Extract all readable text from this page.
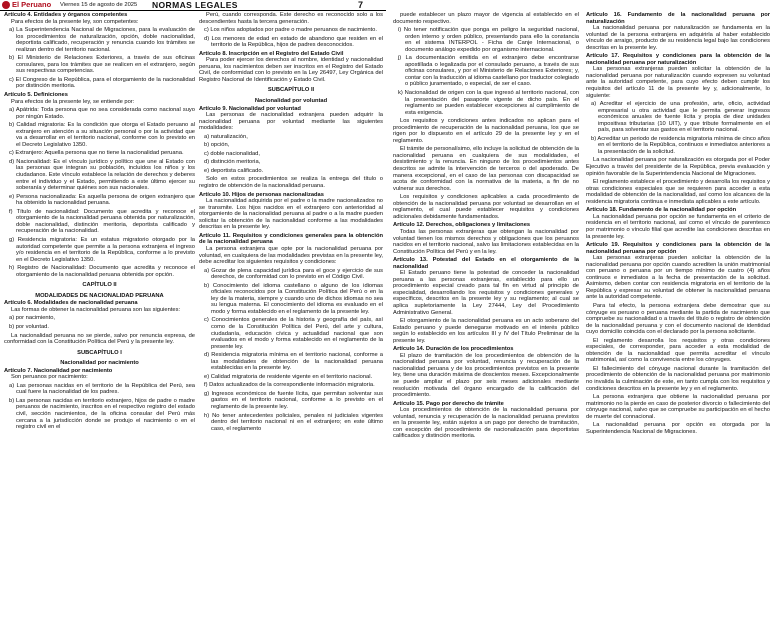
El Peruano Viernes 15 de agosto de 2025 NORMAS LEGALES	7

Artículo 4. Entidades y órganos competentes

Para efectos de la presente ley, son competentes:

a) La Superintendencia Nacional de Migraciones, para la evaluación de los procedimientos de naturalización, opción, doble nacionalidad, deportista calificado, recuperación y renuncia cuando los trámites se realizan dentro del territorio nacional.

b) El Ministerio de Relaciones Exteriores, a través de sus oficinas consulares, para los trámites que se realicen en el extranjero, según sus respectivas competencias.

c) El Congreso de la República, para el otorgamiento de la nacionalidad por distinción meritoria.

Artículo 5. Definiciones

Para efectos de la presente ley, se entiende por:

a) Apátrida: Toda persona que no sea considerada como nacional suyo por ningún Estado.

b) Calidad migratoria: Es la condición que otorga el Estado peruano al extranjero en atención a su situación personal o por la actividad que va a desarrollar en el territorio nacional, conforme con lo previsto en el Decreto Legislativo 1350.

c) Extranjero: Aquella persona que no tiene la nacionalidad peruana.

d) Nacionalidad: Es el vínculo jurídico y político que une al Estado con las personas que integran su población, incluidos los niños y los ciudadanos. Este vínculo establece la relación de derechos y deberes entre el individuo y el Estado, permitiendo a este último ejercer su soberanía y determinar quiénes son sus nacionales.

e) Persona nacionalizada: Es aquella persona de origen extranjero que ha obtenido la nacionalidad peruana.

f) Título de nacionalidad: Documento que acredita y reconoce el otorgamiento de la nacionalidad peruana obtenida por naturalización, doble nacionalidad, distinción meritoria, deportista calificado y recuperación de la nacionalidad.

g) Residencia migratoria: Es un estatus migratorio otorgado por la autoridad competente que permite a la persona extranjera el ingreso y/o residencia en el territorio de la República, conforme a lo previsto en el Decreto Legislativo 1350.

h) Registro de Nacionalidad: Documento que acredita y reconoce el otorgamiento de la nacionalidad peruana obtenida por opción.

CAPÍTULO II

MODALIDADES DE NACIONALIDAD PERUANA

Artículo 6. Modalidades de nacionalidad peruana

Las formas de obtener la nacionalidad peruana son las siguientes:

a) por nacimiento,

b) por voluntad.

La nacionalidad peruana no se pierde, salvo por renuncia expresa, de conformidad con la Constitución Política del Perú y la presente ley.

SUBCAPÍTULO I

Nacionalidad por nacimiento

Artículo 7. Nacionalidad por nacimiento

Son peruanos por nacimiento:

a) Las personas nacidas en el territorio de la República del Perú, sea cual fuere la nacionalidad de los padres.

b) Las personas nacidas en territorio extranjero, hijos de padre o madre peruanos de nacimiento, inscritos en el respectivo registro del estado civil, sección nacimientos, de la oficina consular del Perú más cercana a la jurisdicción donde se produjo el nacimiento o en el registro civil en el

Perú, cuando corresponda. Este derecho es reconocido solo a los descendientes hasta la tercera generación.

c) Los niños adoptados por padre o madre peruanos de nacimiento.

d) Los menores de edad en estado de abandono que residen en el territorio de la República, hijos de padres desconocidos.

Artículo 8. Inscripción en el Registro del Estado Civil

Para poder ejercer los derechos al nombre, identidad y nacionalidad peruana, los nacimientos deben ser inscritos en el Registro del Estado Civil, de conformidad con lo previsto en la Ley 26497, Ley Orgánica del Registro Nacional de Identificación y Estado Civil.

SUBCAPÍTULO II

Nacionalidad por voluntad

Artículo 9. Nacionalidad por voluntad

Las personas de nacionalidad extranjera pueden adquirir la nacionalidad peruana por voluntad mediante las siguientes modalidades:

a) naturalización,

b) opción,

c) doble nacionalidad,

d) distinción meritoria,

e) deportista calificado.

Solo en estos procedimientos se realiza la entrega del título o registro de obtención de la nacionalidad peruana.

Artículo 10. Hijos de personas nacionalizadas

La nacionalidad adquirida por el padre o la madre nacionalizados no se transmite. Los hijos nacidos en el extranjero con anterioridad al otorgamiento de la nacionalidad peruana al padre o a la madre pueden solicitar la obtención de la nacionalidad conforme a las modalidades descritas en la presente ley.

Artículo 11. Requisitos y condiciones generales para la obtención de la nacionalidad peruana

La persona extranjera que opte por la nacionalidad peruana por voluntad, en cualquiera de las modalidades previstas en la presente ley, debe acreditar los siguientes requisitos y condiciones:

a) Gozar de plena capacidad jurídica para el goce y ejercicio de sus derechos, de conformidad con lo previsto en el Código Civil.

b) Conocimiento del idioma castellano o alguno de los idiomas oficiales reconocidos por la Constitución Política del Perú o en la ley de la materia, siempre y cuando uno de dichos idiomas no sea su lengua materna. El conocimiento del idioma es evaluado en el modo y forma establecido en el reglamento de la presente ley.

c) Conocimientos generales de la historia y geografía del país, así como de la Constitución Política del Perú, del arte y cultura, ciudadanía, educación cívica y actualidad nacional que son evaluados en el modo y forma establecido en el reglamento de la presente ley.

d) Residencia migratoria mínima en el territorio nacional, conforme a las modalidades de obtención de la nacionalidad peruana establecidas en la presente ley.

e) Calidad migratoria de residente vigente en el territorio nacional.

f) Datos actualizados de la correspondiente información migratoria.

g) Ingresos económicos de fuente lícita, que permitan solventar sus gastos en el territorio nacional, conforme a lo previsto en el reglamento de la presente ley.

h) No tener antecedentes policiales, penales ni judiciales vigentes dentro del territorio nacional ni en el extranjero; en este último caso, el reglamento

puede establecer un plazo mayor de vigencia al establecido en el documento respectivo.

i) No tener notificación que ponga en peligro la seguridad nacional, orden interno y orden público, presentando para ello la constancia en el sistema INTERPOL - Ficha de Canje Internacional, o documento análogo expedido por organismo internacional.

j) La documentación emitida en el extranjero debe encontrarse apostillada o legalizada por el consulado peruano, a través de sus oficinas consulares, y por el Ministerio de Relaciones Exteriores; y, contar con la traducción al idioma castellano por traductor colegiado o público juramentado, o especial, de ser el caso.

k) Nacionalidad de origen con la que ingresó al territorio nacional, con la presentación del pasaporte vigente de dicho país. En el reglamento se pueden establecer excepciones al cumplimiento de esta exigencia.

Los requisitos y condiciones antes indicados no aplican para el procedimiento de recuperación de la nacionalidad peruana, los que se rigen por lo dispuesto en el artículo 29 de la presente ley y en el reglamento.

El trámite de personalísimo, ello incluye la solicitud de obtención de la nacionalidad peruana en cualquiera de sus modalidades, el desistimiento y la renuncia. En ninguno de los procedimientos antes descritos se admite la intervención de terceros o del apoderado. De manera excepcional, en el caso de las personas con discapacidad se acota de conformidad con la normativa de la materia, a fin de no vulnerar sus derechos.

Los requisitos y condiciones aplicables a cada procedimiento de obtención de la nacionalidad peruana por voluntad se desarrollan en el reglamento, el cual puede establecer requisitos y condiciones adicionales debidamente fundamentados.

Artículo 12. Derechos, obligaciones y limitaciones

Todas las personas extranjeras que obtengan la nacionalidad por voluntad tienen los mismos derechos y obligaciones que los peruanos nacidos en el territorio nacional, salvo las limitaciones establecidas en la Constitución Política del Perú y en la ley.

Artículo 13. Potestad del Estado en el otorgamiento de la nacionalidad

El Estado peruano tiene la potestad de conceder la nacionalidad peruana a las personas extranjeras, establecido para ello un procedimiento especial creado para tal fin en virtud al principio de especialidad, desarrollando los requisitos y condiciones generales y específicos, descritos en la presente ley y su reglamento; al cual se aplica supletoriamente la Ley 27444, Ley del Procedimiento Administrativo General.

El otorgamiento de la nacionalidad peruana es un acto soberano del Estado peruano y puede denegarse motivado en el interés público según lo establecido en los artículos III y IV del Título Preliminar de la presente ley.

Artículo 14. Duración de los procedimientos

El plazo de tramitación de los procedimientos de obtención de la nacionalidad peruana por voluntad, renuncia y recuperación de la nacionalidad peruana y de los procedimientos previstos en la presente ley, tiene una duración máxima de doscientos meses. Excepcionalmente se puede ampliar el plazo por seis meses adicionales mediante resolución motivada del órgano encargado de la calificación del procedimiento.

Artículo 15. Pago por derecho de trámite

Los procedimientos de obtención de la nacionalidad peruana por voluntad, renuncia y recuperación de la nacionalidad peruana previstos en la presente ley, están sujetos a un pago por derecho de tramitación, con excepción del procedimiento de nacionalización para deportistas calificados y distinción meritoria.

Artículo 16. Fundamento de la nacionalidad peruana por naturalización

La nacionalidad peruana por naturalización se fundamenta en la voluntad de la persona extranjera en adquirirla al haber establecido vínculo de arraigo, producto de su residencia legal bajo las condiciones descritas en la presente ley.

Artículo 17. Requisitos y condiciones para la obtención de la nacionalidad peruana por naturalización

Las personas extranjeras pueden solicitar la obtención de la nacionalidad peruana por naturalización cuando expresen su voluntad ante la autoridad competente, para cuyo efecto deben cumplir los requisitos del artículo 11 de la presente ley y, adicionalmente, lo siguiente:

a) Acreditar el ejercicio de una profesión, arte, oficio, actividad empresarial u otra actividad que le permita generar ingresos económicos anuales de fuente lícita y propia de diez unidades impositivas tributarias (10 UIT), y que tribute formalmente en el país, para solventar sus gastos en el territorio nacional.

b) Acreditar un periodo de residencia migratoria mínima de cinco años en el territorio de la República, continuos e inmediatos anteriores a la presentación de la solicitud.

La nacionalidad peruana por naturalización es otorgada por el Poder Ejecutivo a través del presidente de la República, previa evaluación y opinión favorable de la Superintendencia Nacional de Migraciones.

El reglamento establece el procedimiento y desarrolla los requisitos y otras condiciones especiales que se requieren para acceder a esta modalidad de obtención de la nacionalidad, así como los alcances de la residencia migratoria continua e inmediata aplicables a este artículo.

Artículo 18. Fundamento de la nacionalidad por opción

La nacionalidad peruana por opción se fundamenta en el criterio de residencia en el territorio nacional, así como el vínculo de parentesco por matrimonio o vínculo filial que acredite las condiciones descritas en la presente ley.

Artículo 19. Requisitos y condiciones para la obtención de la nacionalidad peruana por opción

Las personas extranjeras pueden solicitar la obtención de la nacionalidad peruana por opción cuando acrediten la unión matrimonial con peruano o peruana por un tiempo mínimo de cuatro (4) años continuos e inmediatos a la fecha de presentación de la solicitud. Asimismo, deben contar con residencia migratoria en el territorio de la República y expresar su voluntad de obtener la nacionalidad peruana ante la autoridad competente.

Para tal efecto, la persona extranjera debe demostrar que su cónyuge es peruano o peruana mediante la partida de nacimiento que compruebe su nacionalidad o a través del título o registro de obtención de la nacionalidad peruana y con el documento nacional de identidad cuyo domicilio coincida con el declarado por la persona solicitante.

El reglamento desarrolla los requisitos y otras condiciones especiales, de corresponder, para acceder a esta modalidad de obtención de la nacionalidad que permita acreditar el vínculo matrimonial, así como la convivencia entre los cónyuges.

El fallecimiento del cónyuge nacional durante la tramitación del procedimiento de obtención de la nacionalidad peruana por matrimonio no invalida la culminación de este, en tanto cumpla con los requisitos y condiciones descritos en la presente ley y en el reglamento.

La persona extranjera que obtiene la nacionalidad peruana por matrimonio no la pierde en caso de posterior divorcio o fallecimiento del cónyuge nacional, salvo que se compruebe su participación en el hecho de muerte del connacional.

La nacionalidad peruana por opción es otorgada por la Superintendencia Nacional de Migraciones.
